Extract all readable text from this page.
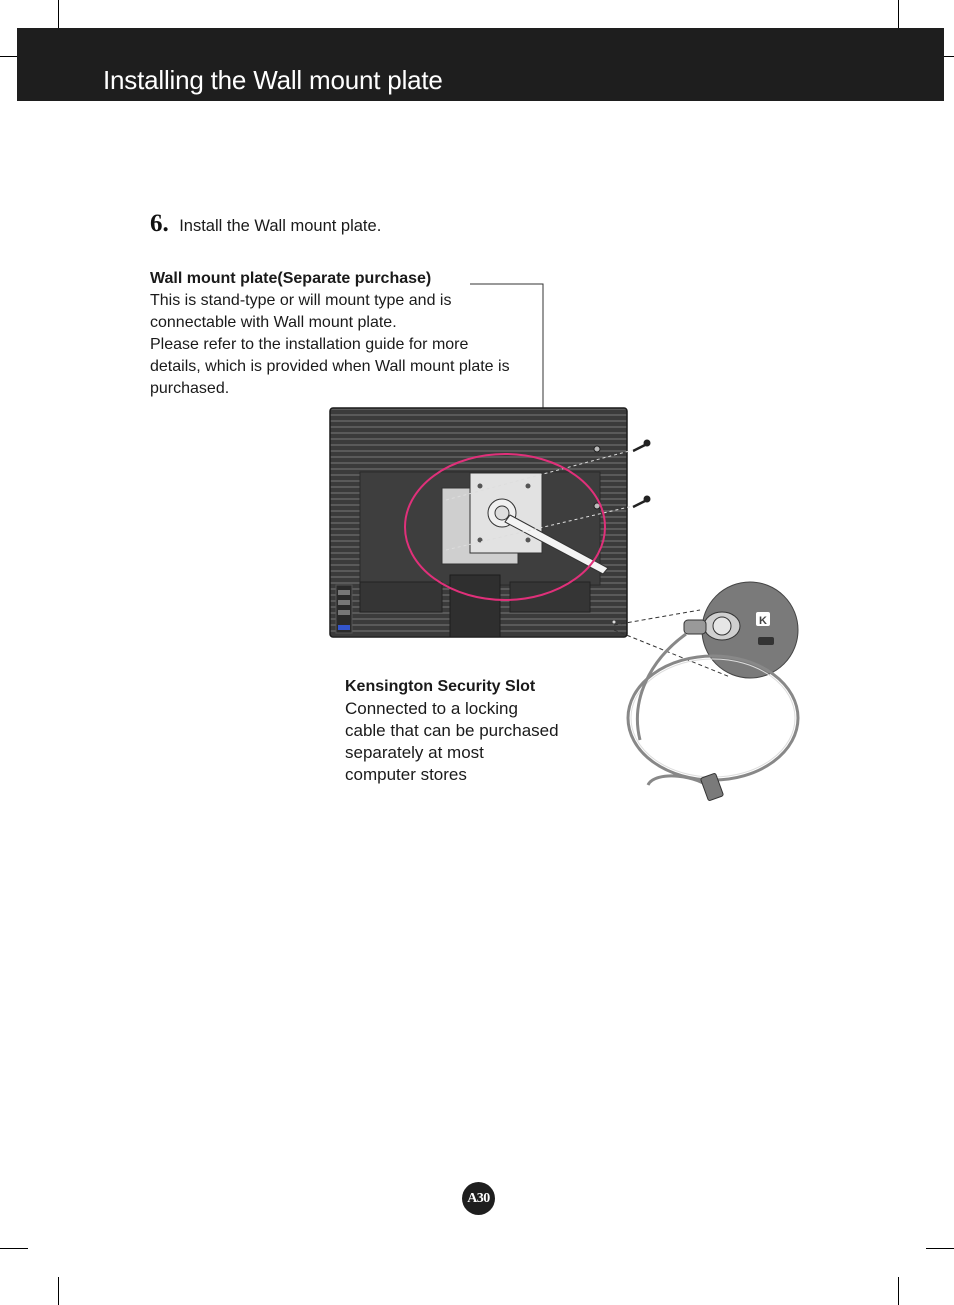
Installing the Wall mount plate
6. Install the Wall mount plate.
Wall mount plate(Separate purchase)
This is stand-type or will mount type and is
connectable with Wall mount plate.
Please refer to the installation guide for more
details, which is provided when Wall mount plate is
purchased.
Kensington Security Slot
Connected to a locking
cable that can be purchased
separately at most
computer stores
K
A30
